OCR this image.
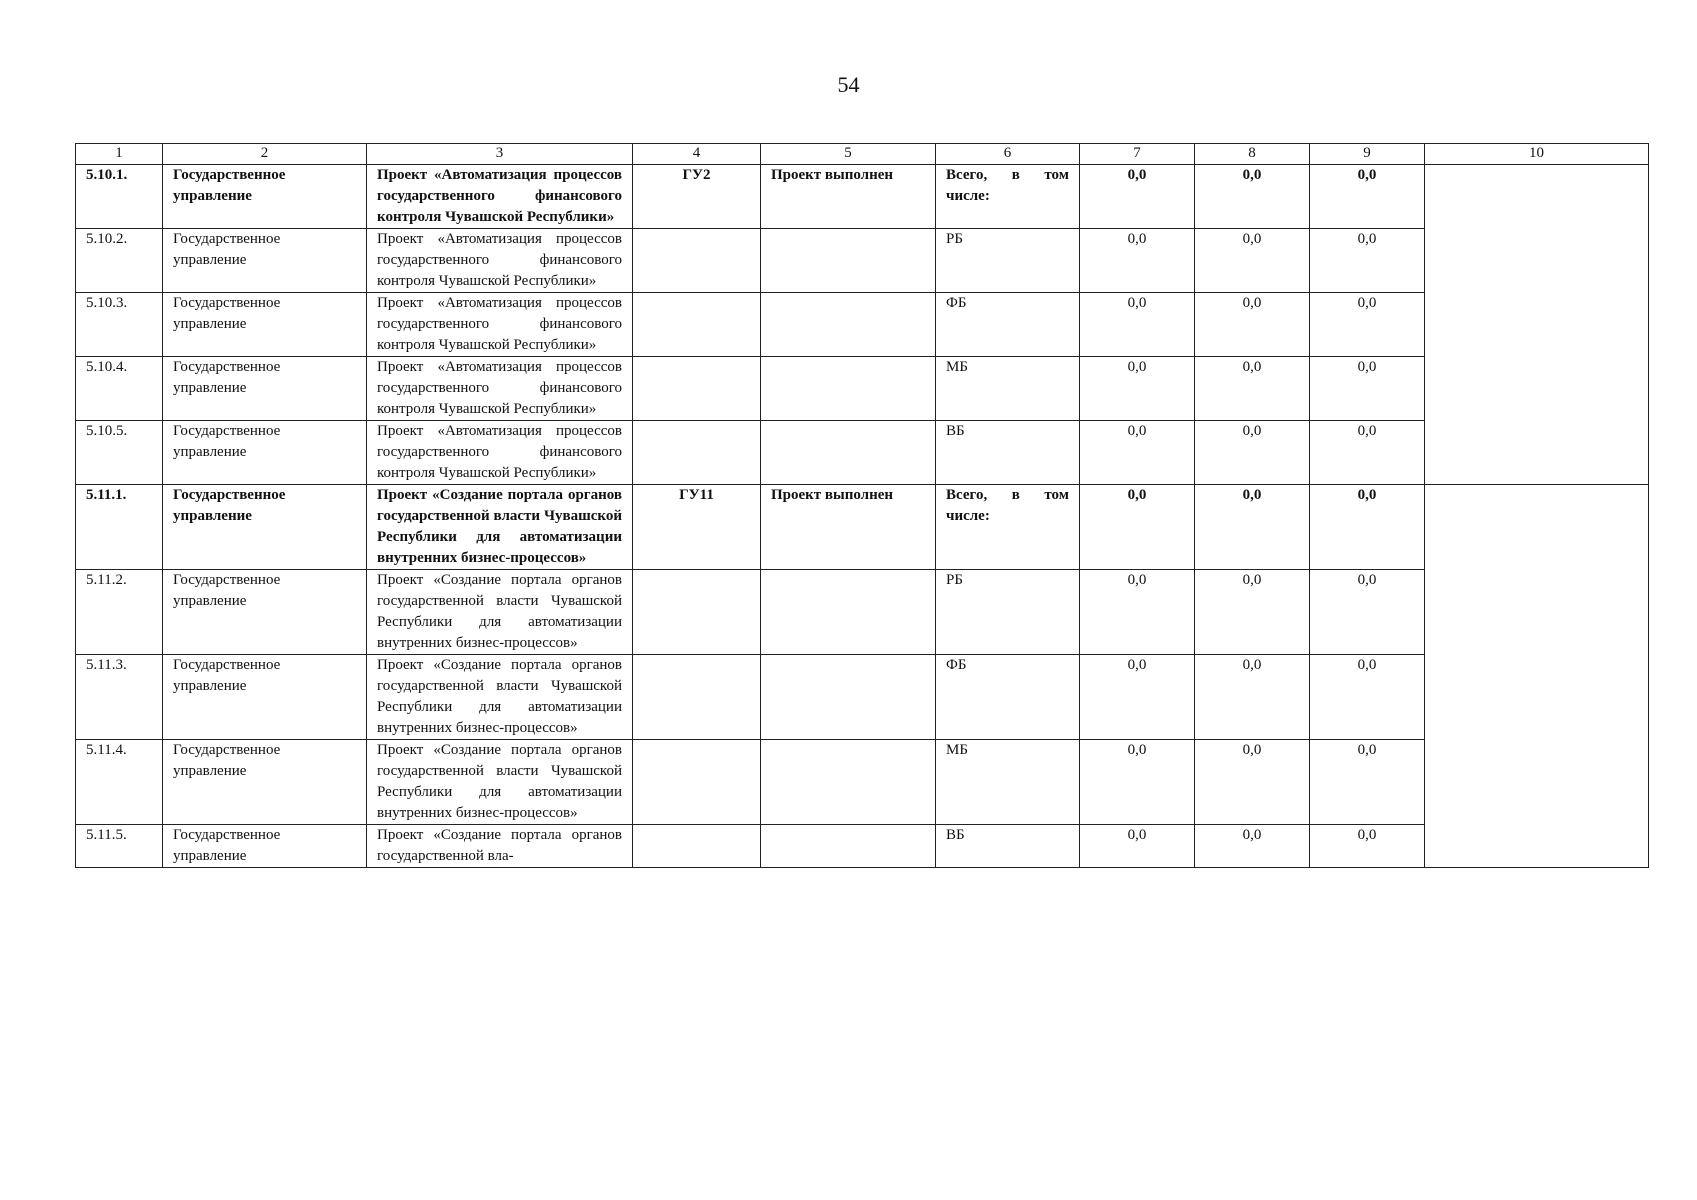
54
1	2	3	4	5	6	7	8	9	10
5.10.1.	Государственное управление	Проект «Автоматизация процессов государственного финансового контроля Чувашской Республики»	ГУ2	Проект выполнен	Всего, в том числе:	0,0	0,0	0,0	
5.10.2.	Государственное управление	Проект «Автоматизация процессов государственного финансового контроля Чувашской Республики»			РБ	0,0	0,0	0,0	
5.10.3.	Государственное управление	Проект «Автоматизация процессов государственного финансового контроля Чувашской Республики»			ФБ	0,0	0,0	0,0	
5.10.4.	Государственное управление	Проект «Автоматизация процессов государственного финансового контроля Чувашской Республики»			МБ	0,0	0,0	0,0	
5.10.5.	Государственное управление	Проект «Автоматизация процессов государственного финансового контроля Чувашской Республики»			ВБ	0,0	0,0	0,0	
5.11.1.	Государственное управление	Проект «Создание портала органов государственной власти Чувашской Республики для автоматизации внутренних бизнес-процессов»	ГУ11	Проект выполнен	Всего, в том числе:	0,0	0,0	0,0	
5.11.2.	Государственное управление	Проект «Создание портала органов государственной власти Чувашской Республики для автоматизации внутренних бизнес-процессов»			РБ	0,0	0,0	0,0	
5.11.3.	Государственное управление	Проект «Создание портала органов государственной власти Чувашской Республики для автоматизации внутренних бизнес-процессов»			ФБ	0,0	0,0	0,0	
5.11.4.	Государственное управление	Проект «Создание портала органов государственной власти Чувашской Республики для автоматизации внутренних бизнес-процессов»			МБ	0,0	0,0	0,0	
5.11.5.	Государственное управление	Проект «Создание портала органов государственной вла-			ВБ	0,0	0,0	0,0	
